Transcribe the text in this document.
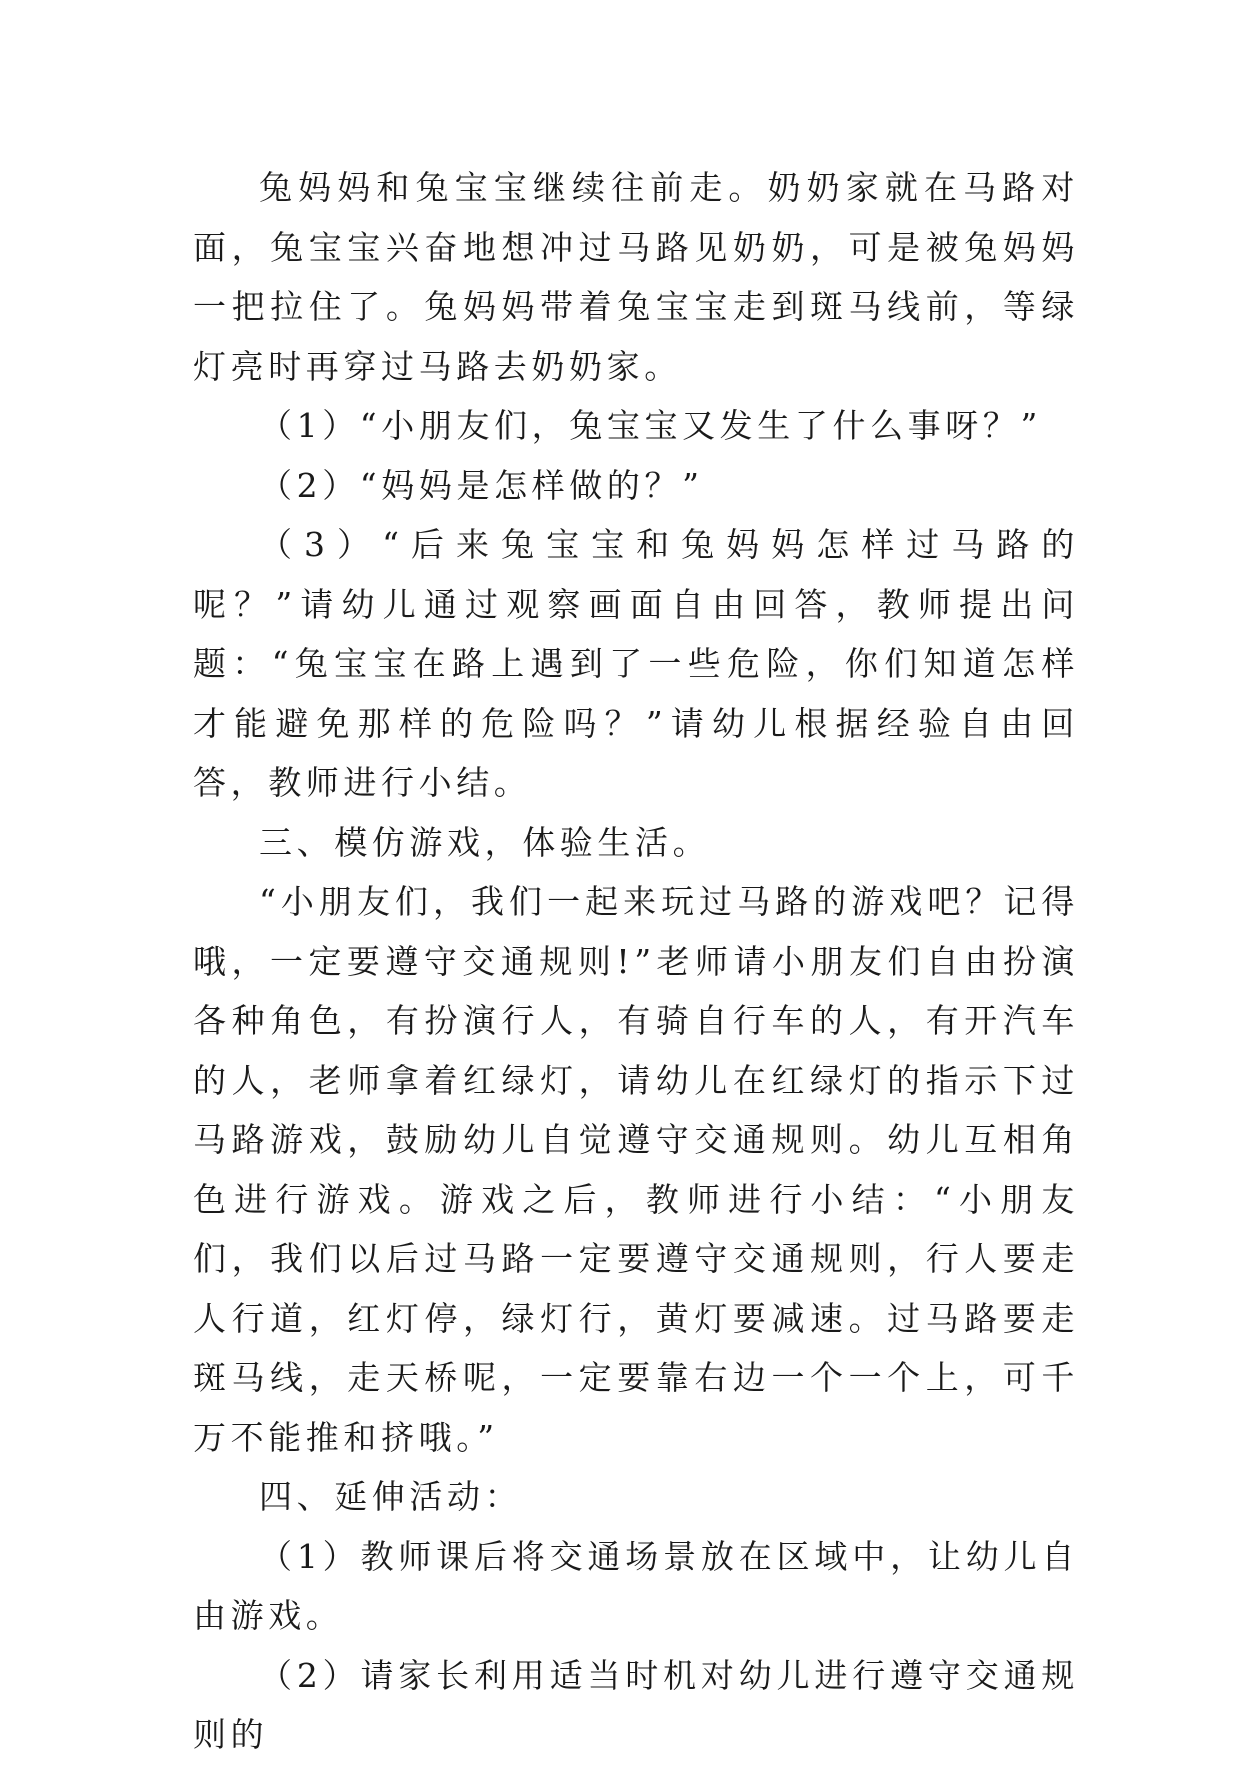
兔妈妈和兔宝宝继续往前走。奶奶家就在马路对面，兔宝宝兴奋地想冲过马路见奶奶，可是被兔妈妈一把拉住了。兔妈妈带着兔宝宝走到斑马线前，等绿灯亮时再穿过马路去奶奶家。

（1）“小朋友们，兔宝宝又发生了什么事呀？”

（2）“妈妈是怎样做的？”

（3）“后来兔宝宝和兔妈妈怎样过马路的呢？”请幼儿通过观察画面自由回答，教师提出问题：“兔宝宝在路上遇到了一些危险，你们知道怎样才能避免那样的危险吗？”请幼儿根据经验自由回答，教师进行小结。

三、模仿游戏，体验生活。

“小朋友们，我们一起来玩过马路的游戏吧？记得哦，一定要遵守交通规则!”老师请小朋友们自由扮演各种角色，有扮演行人，有骑自行车的人，有开汽车的人，老师拿着红绿灯，请幼儿在红绿灯的指示下过马路游戏，鼓励幼儿自觉遵守交通规则。幼儿互相角色进行游戏。游戏之后，教师进行小结：“小朋友们，我们以后过马路一定要遵守交通规则，行人要走人行道，红灯停，绿灯行，黄灯要减速。过马路要走斑马线，走天桥呢，一定要靠右边一个一个上，可千万不能推和挤哦。”

四、延伸活动：

（1）教师课后将交通场景放在区域中，让幼儿自由游戏。

（2）请家长利用适当时机对幼儿进行遵守交通规则的
